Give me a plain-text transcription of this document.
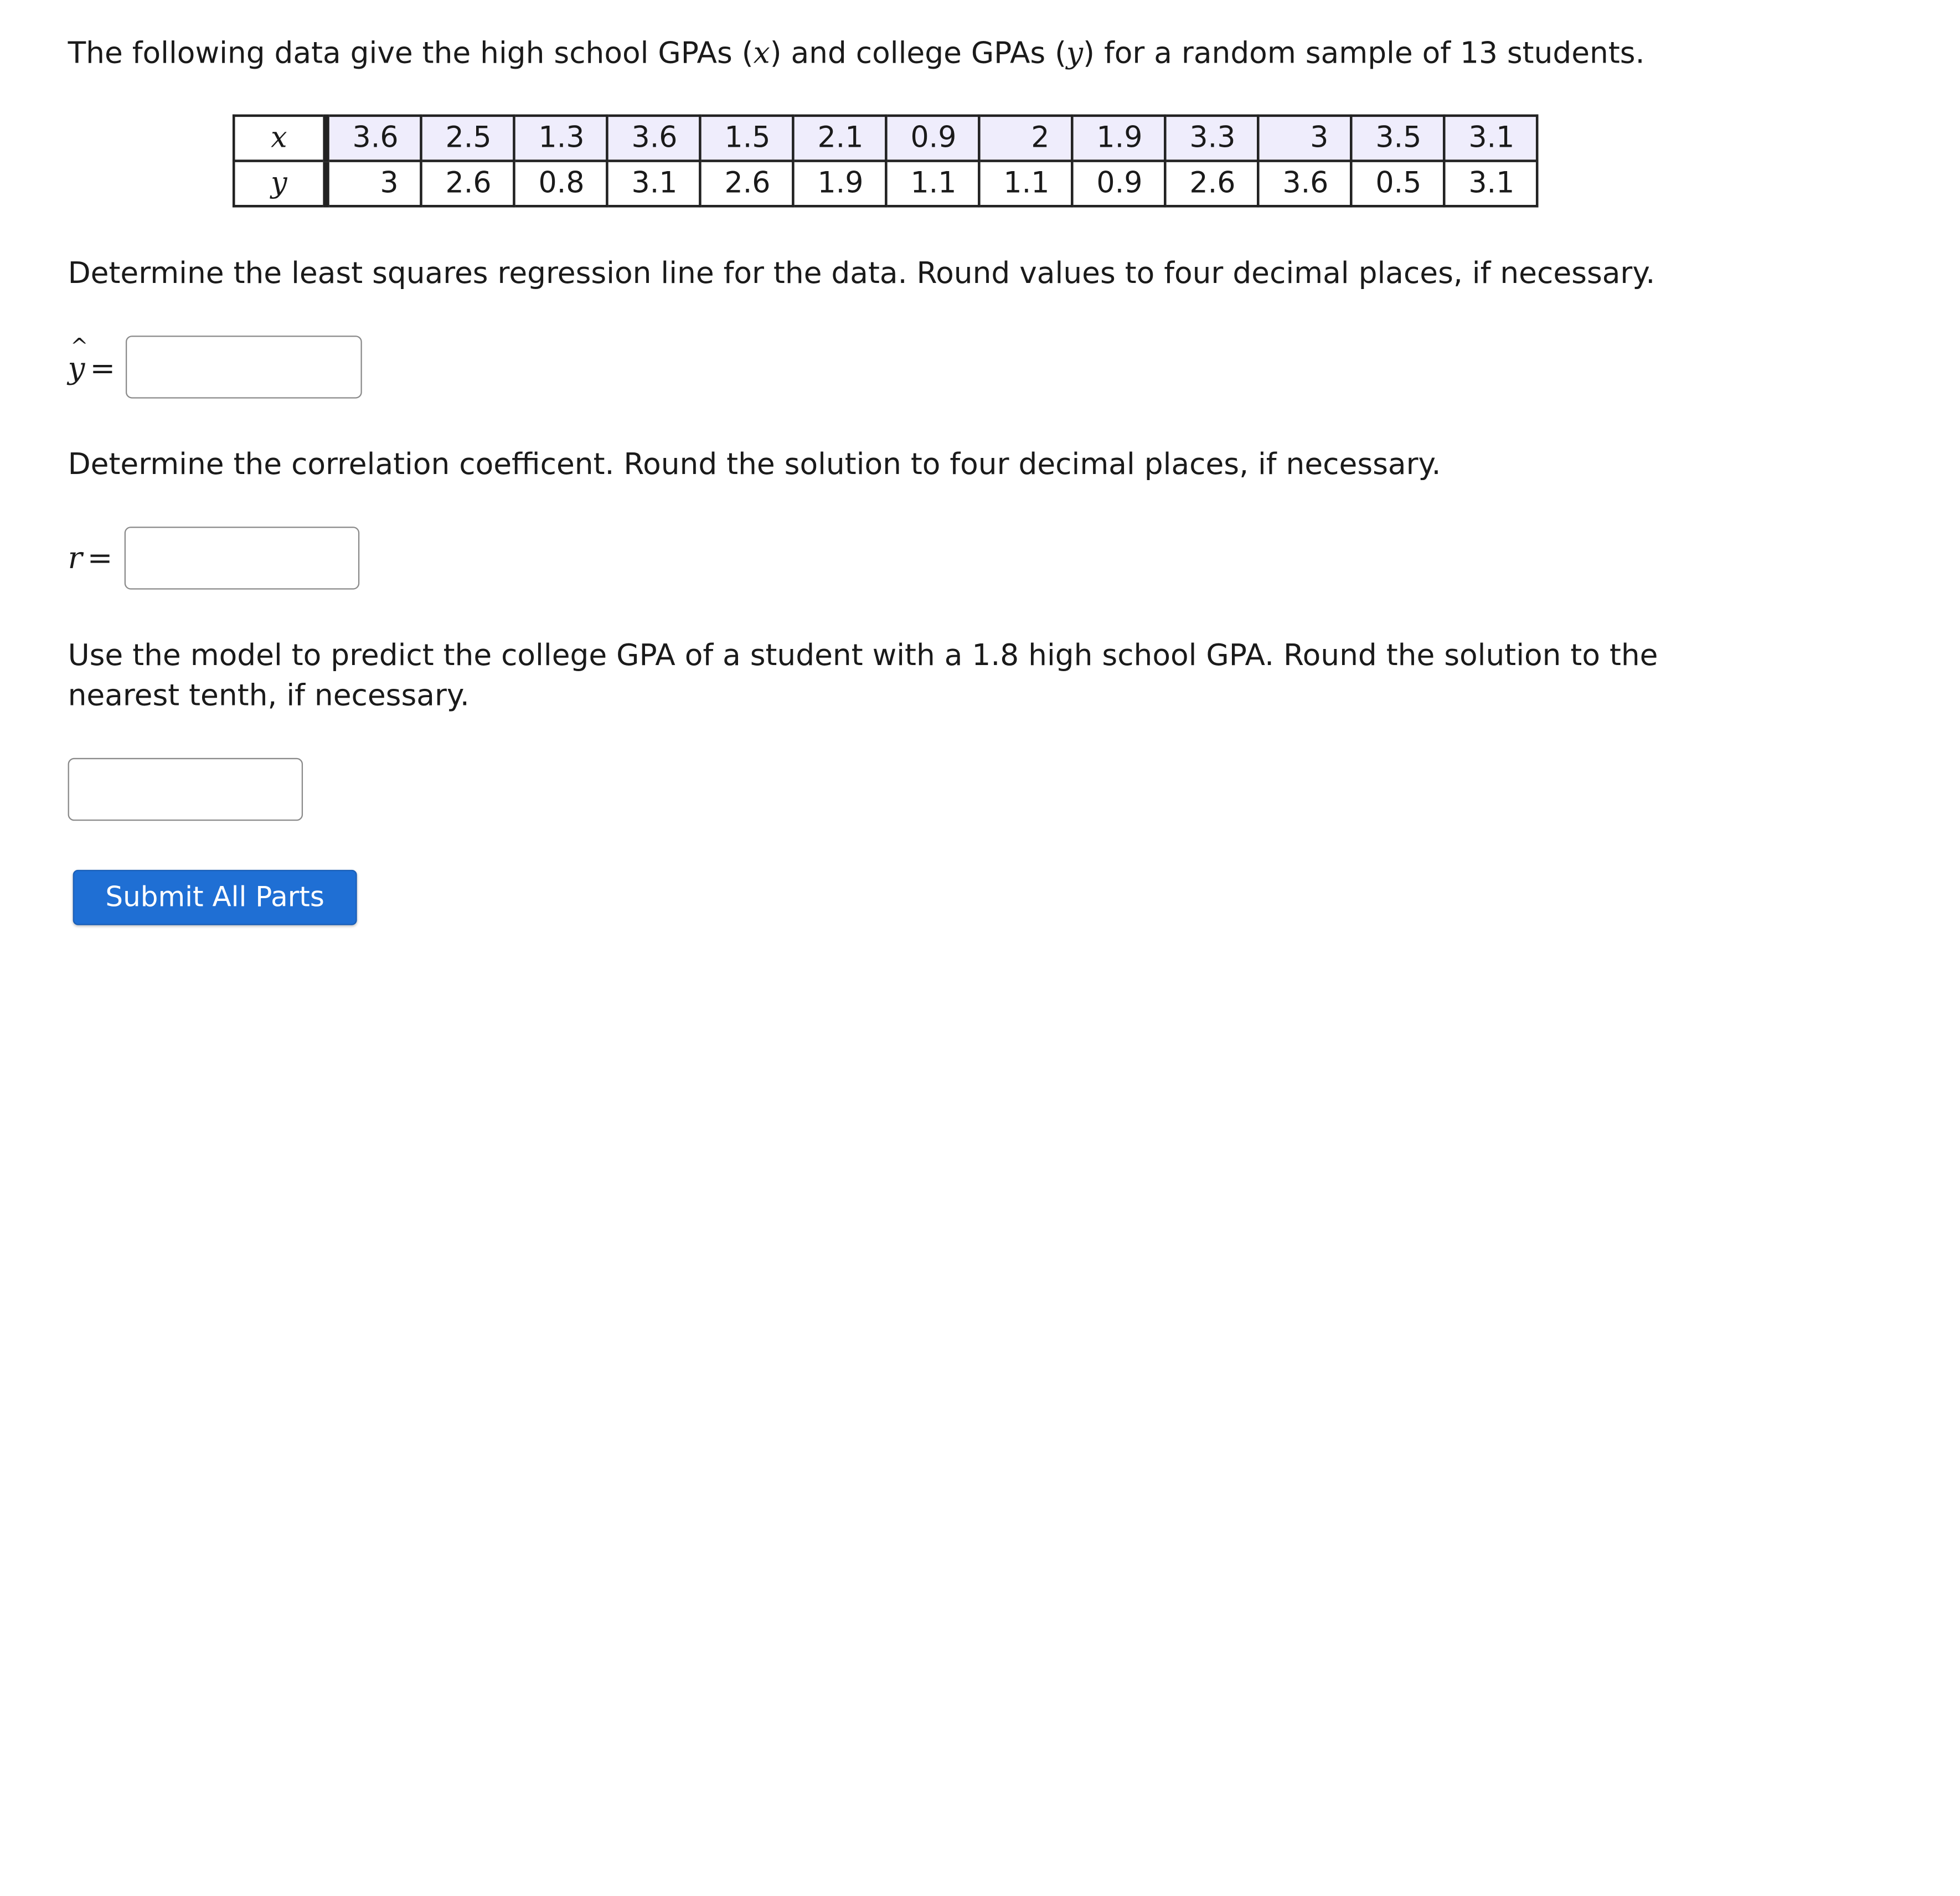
The following data give the high school GPAs (x) and college GPAs (y) for a random sample of 13 students.

x	3.6	2.5	1.3	3.6	1.5	2.1	0.9	2	1.9	3.3	3	3.5	3.1
y	3	2.6	0.8	3.1	2.6	1.9	1.1	1.1	0.9	2.6	3.6	0.5	3.1

Determine the least squares regression line for the data. Round values to four decimal places, if necessary.

^ y =

Determine the correlation coefficent. Round the solution to four decimal places, if necessary.

r =

Use the model to predict the college GPA of a student with a 1.8 high school GPA. Round the solution to the

nearest tenth, if necessary.

Submit All Parts
